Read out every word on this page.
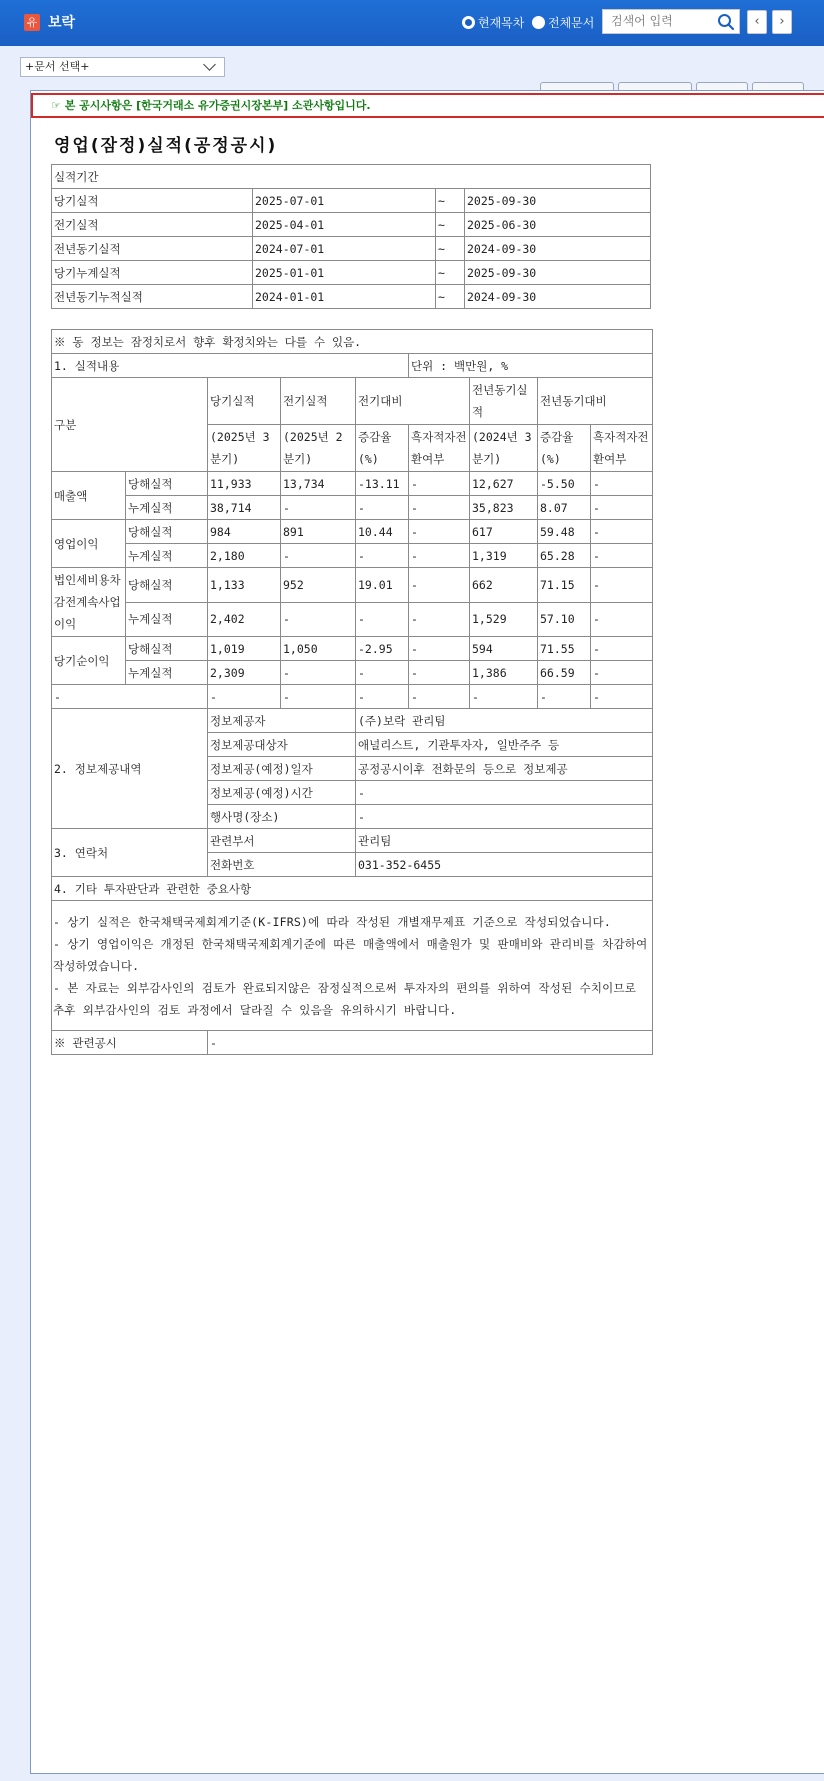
유 보락	현재목차 전체문서
검색어 입력	‹	›
+문서 선택+
☞ 본 공시사항은 [한국거래소 유가증권시장본부] 소관사항입니다.
영업(잠정)실적(공정공시)
실적기간			
당기실적	2025-07-01	~	2025-09-30
전기실적	2025-04-01	~	2025-06-30
전년동기실적	2024-07-01	~	2024-09-30
당기누계실적	2025-01-01	~	2025-09-30
전년동기누적실적	2024-01-01	~	2024-09-30
※ 동 정보는 잠정치로서 향후 확정치와는 다를 수 있음.								
1. 실적내용					단위 : 백만원, %			
구분		당기실적	전기실적	전기대비		전년동기실적	전년동기대비	
		(2025년 3분기)	(2025년 2분기)	증감율(%)	흑자적자전환여부	(2024년 3분기)	증감율(%)	흑자적자전환여부
매출액	당해실적	11,933	13,734	-13.11	-	12,627	-5.50	-
	누계실적	38,714	-	-	-	35,823	8.07	-
영업이익	당해실적	984	891	10.44	-	617	59.48	-
	누계실적	2,180	-	-	-	1,319	65.28	-
법인세비용차감전계속사업이익	당해실적	1,133	952	19.01	-	662	71.15	-
	누계실적	2,402	-	-	-	1,529	57.10	-
당기순이익	당해실적	1,019	1,050	-2.95	-	594	71.55	-
	누계실적	2,309	-	-	-	1,386	66.59	-
-		-	-	-	-	-	-	-
2. 정보제공내역		정보제공자		(주)보락 관리팀				
		정보제공대상자		애널리스트, 기관투자자, 일반주주 등				
		정보제공(예정)일자		공정공시이후 전화문의 등으로 정보제공				
		정보제공(예정)시간		-				
		행사명(장소)		-				
3. 연락처		관련부서		관리팀				
		전화번호		031-352-6455				
4. 기타 투자판단과 관련한 중요사항								
- 상기 실적은 한국채택국제회계기준(K-IFRS)에 따라 작성된 개별재무제표 기준으로 작성되었습니다.
- 상기 영업이익은 개정된 한국채택국제회계기준에 따른 매출액에서 매출원가 및 판매비와 관리비를 차감하여 작성하였습니다.
- 본 자료는 외부감사인의 검토가 완료되지않은 잠정실적으로써 투자자의 편의를 위하여 작성된 수치이므로 추후 외부감사인의 검토 과정에서 달라질 수 있음을 유의하시기 바랍니다.								
※ 관련공시		-						
